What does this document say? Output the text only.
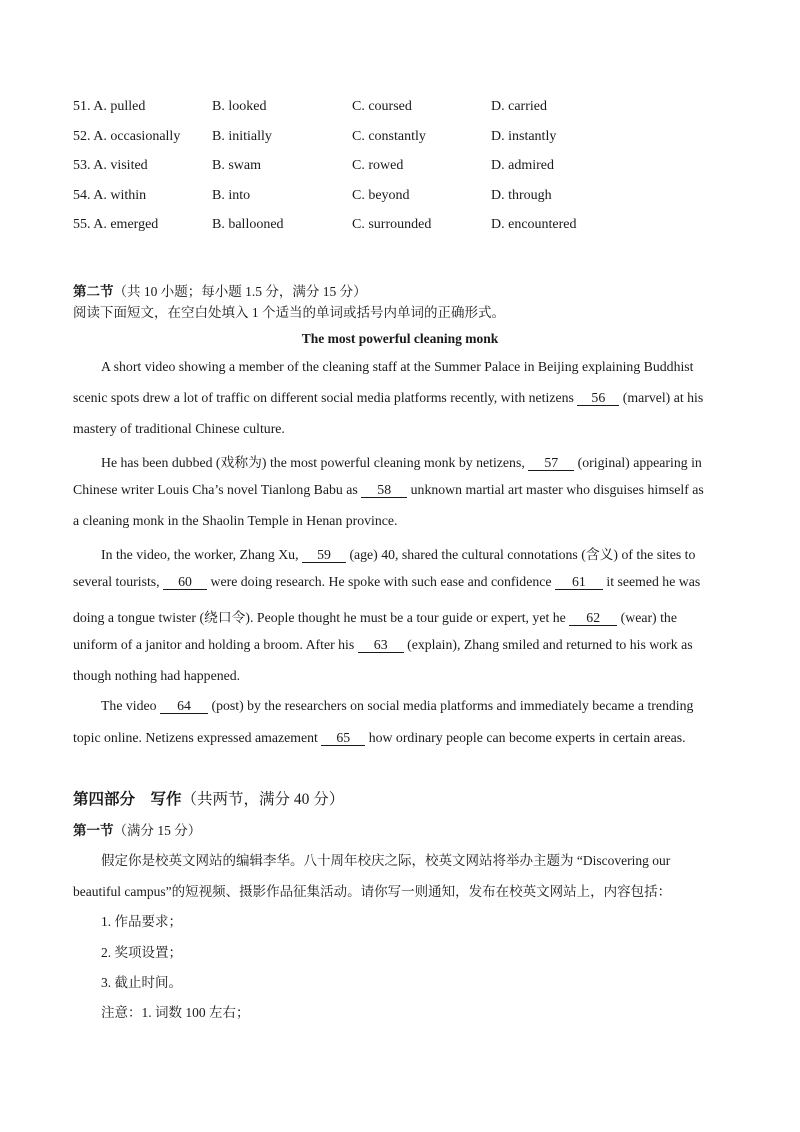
51. A. pulled	B. looked	C. coursed	D. carried
52. A. occasionally B. initially	C. constantly	D. instantly
53. A. visited	B. swam	C. rowed	D. admired
54. A. within	B. into	C. beyond	D. through
55. A. emerged	B. ballooned	C. surrounded	D. encountered
第二节（共 10 小题；每小题 1.5 分，满分 15 分）
阅读下面短文，在空白处填入 1 个适当的单词或括号内单词的正确形式。
The most powerful cleaning monk
A short video showing a member of the cleaning staff at the Summer Palace in Beijing explaining Buddhist
scenic spots drew a lot of traffic on different social media platforms recently, with netizens 56 (marvel) at his
mastery of traditional Chinese culture.
He has been dubbed (戏称为) the most powerful cleaning monk by netizens, 57 (original) appearing in
Chinese writer Louis Cha’s novel Tianlong Babu as 58 unknown martial art master who disguises himself as
a cleaning monk in the Shaolin Temple in Henan province.
In the video, the worker, Zhang Xu, 59 (age) 40, shared the cultural connotations (含义) of the sites to
several tourists, 60 were doing research. He spoke with such ease and confidence 61 it seemed he was
doing a tongue twister (绕口令). People thought he must be a tour guide or expert, yet he 62 (wear) the
uniform of a janitor and holding a broom. After his 63 (explain), Zhang smiled and returned to his work as
though nothing had happened.
The video 64 (post) by the researchers on social media platforms and immediately became a trending
topic online. Netizens expressed amazement 65 how ordinary people can become experts in certain areas.
第四部分　写作（共两节，满分 40 分）
第一节（满分 15 分）
假定你是校英文网站的编辑李华。八十周年校庆之际，校英文网站将举办主题为 “Discovering our
beautiful campus”的短视频、摄影作品征集活动。请你写一则通知，发布在校英文网站上，内容包括：
1. 作品要求；
2. 奖项设置；
3. 截止时间。
注意：1. 词数 100 左右；
